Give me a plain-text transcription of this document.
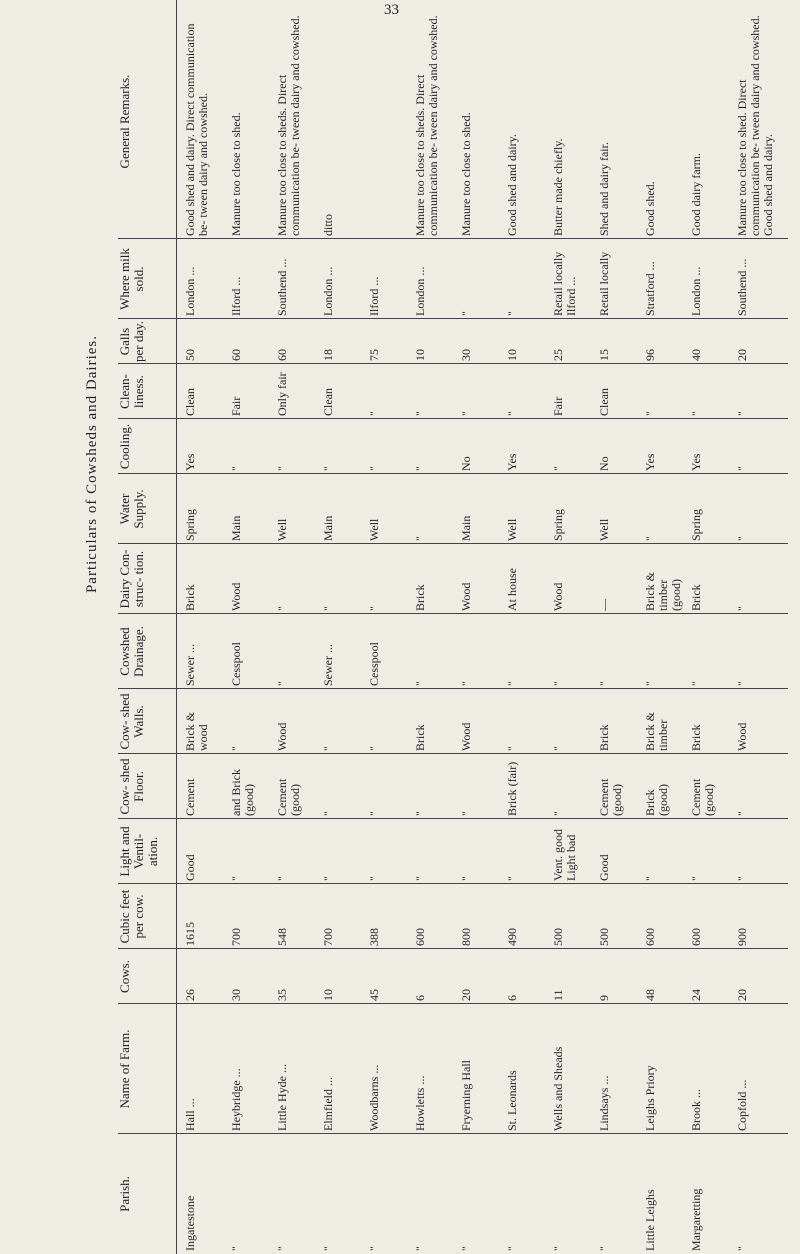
33
Particulars of Cowsheds and Dairies.
Parish.
Name of Farm.
Cows.
Cubic feet per cow.
Light and Ventil- ation.
Cow- shed Floor.
Cow- shed Walls.
Cowshed Drainage.
Dairy Con- struc- tion.
Water Supply.
Cooling.
Clean- liness.
Galls per day.
Where milk sold.
General Remarks.
Ingatestone
Hall ...
26
1615
Good
Cement
Brick & wood
Sewer ...
Brick
Spring
Yes
Clean
50
London ...
Good shed and dairy. Direct communication be- tween dairy and cowshed.
"
Heybridge ...
30
700
"
and Brick (good)
"
Cesspool
Wood
Main
"
Fair
60
Ilford ...
Manure too close to shed.
"
Little Hyde ...
35
548
"
Cement (good)
Wood
"
"
Well
"
Only fair
60
Southend ...
Manure too close to sheds. Direct communication be- tween dairy and cowshed.
"
Elmfield ...
10
700
"
"
"
Sewer ...
"
Main
"
Clean
18
London ...
ditto
"
Woodbarns ...
45
388
"
"
"
Cesspool
"
Well
"
"
75
Ilford ...
"
Howletts ...
6
600
"
"
Brick
"
Brick
"
"
"
10
London ...
Manure too close to sheds. Direct communication be- tween dairy and cowshed.
"
Fryerning Hall
20
800
"
"
Wood
"
Wood
Main
No
"
30
"
Manure too close to shed.
"
St. Leonards
6
490
"
Brick (fair)
"
"
At house
Well
Yes
"
10
"
Good shed and dairy.
"
Wells and Sheads
11
500
Vent. good Light bad
"
"
"
Wood
Spring
"
Fair
25
Retail locally Ilford ...
Butter made chiefly.
"
Lindsays ...
9
500
Good
Cement (good)
Brick
"
—
Well
No
Clean
15
Retail locally
Shed and dairy fair.
Little Leighs
Leighs Priory
48
600
"
Brick (good)
Brick & timber
"
Brick & timber (good)
"
Yes
"
96
Stratford ...
Good shed.
Margaretting
Brook ...
24
600
"
Cement (good)
Brick
"
Brick
Spring
Yes
"
40
London ...
Good dairy farm.
"
Copfold ...
20
900
"
"
Wood
"
"
"
"
"
20
Southend ...
Manure too close to shed. Direct communication be- tween dairy and cowshed. Good shed and dairy.
